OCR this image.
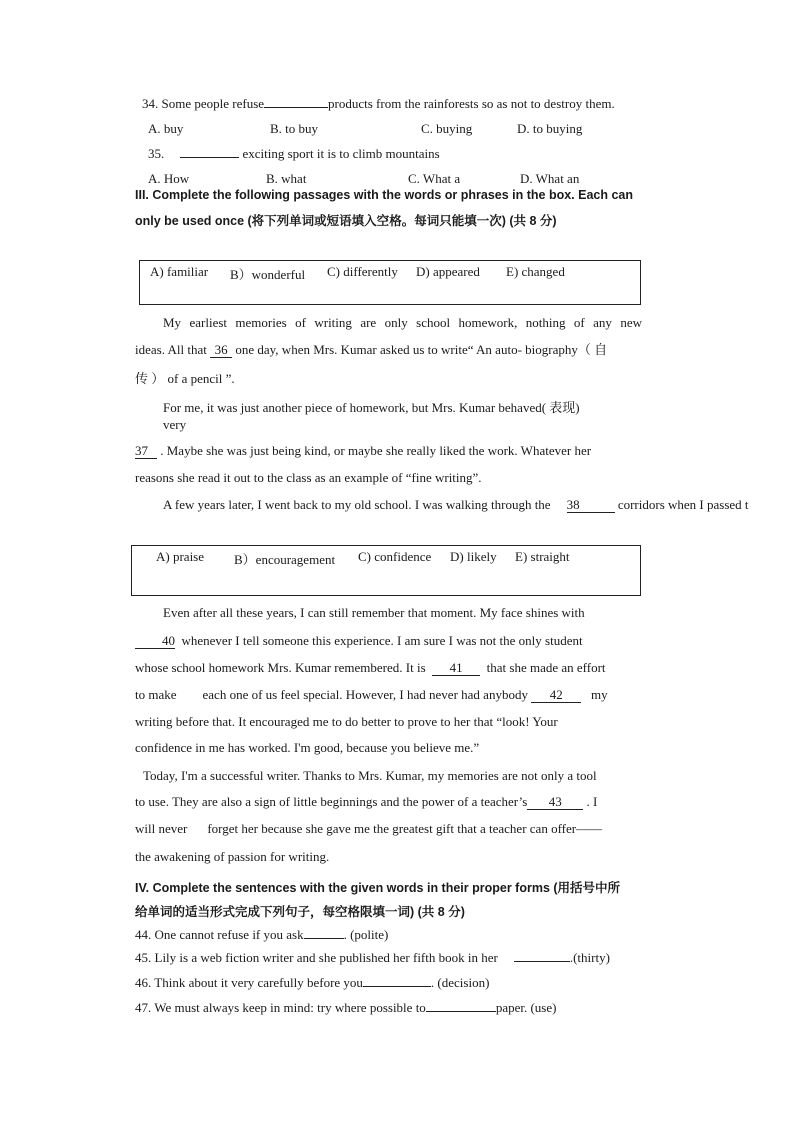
34. Some people refuse	products from the rainforests so as not to destroy them.
A. buy	B. to buy	C. buying	D. to buying
35.	exciting sport it is to climb mountains
A. How	B. what	C. What a	D. What an
III. Complete the following passages with the words or phrases in the box. Each can
only be used once (将下列单词或短语填入空格。每词只能填一次) (共 8 分)
A) familiar B）wonderful C) differently D) appeared E) changed
My earliest memories of writing are only school homework, nothing of any new
ideas. All that 36 one day, when Mrs. Kumar asked us to write“ An auto- biography（ 自
传 ） of a pencil ”.
For me, it was just another piece of homework, but Mrs. Kumar behaved( 表现)
very
37 . Maybe she was just being kind, or maybe she really liked the work. Whatever her
reasons she read it out to the class as an example of “fine writing”.
A few years later, I went back to my old school. I was walking through the 38	corridors when I passed t
A) praise B）encouragement C) confidence D) likely E) straight
Even after all these years, I can still remember that moment. My face shines with
40 whenever I tell someone this experience. I am sure I was not the only student
whose school homework Mrs. Kumar remembered. It is 41 that she made an effort
to make each one of us feel special. However, I had never had anybody 42 my
writing before that. It encouraged me to do better to prove to her that “look! Your
confidence in me has worked. I'm good, because you believe me.”
Today, I'm a successful writer. Thanks to Mrs. Kumar, my memories are not only a tool
to use. They are also a sign of little beginnings and the power of a teacher’s 43 . I
will never forget her because she gave me the greatest gift that a teacher can offer——
the awakening of passion for writing.
IV. Complete the sentences with the given words in their proper forms (用括号中所
给单词的适当形式完成下列句子，每空格限填一词) (共 8 分)
44. One cannot refuse if you ask	. (polite)
45. Lily is a web fiction writer and she published her fifth book in her	.(thirty)
46. Think about it very carefully before you	. (decision)
47. We must always keep in mind: try where possible to	paper. (use)
